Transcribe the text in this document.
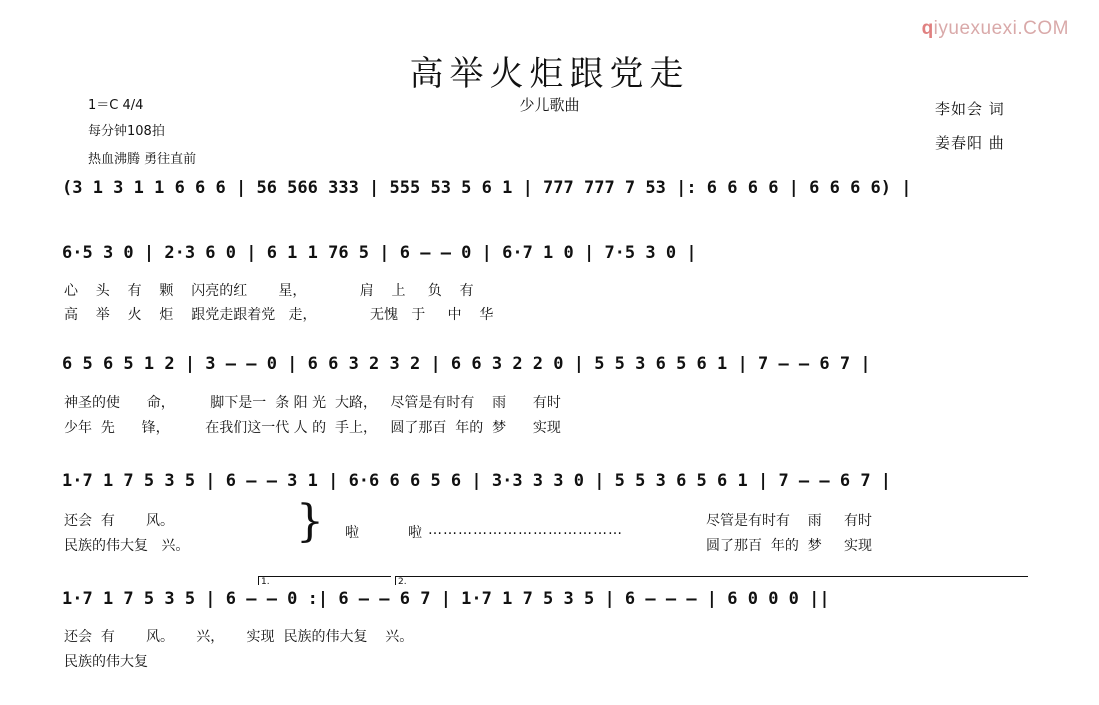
qiyuexuexi.COM
高举火炬跟党走
少儿歌曲
1＝C 4/4
每分钟108拍
热血沸腾 勇往直前
李如会 词
姜春阳 曲
(3 1 3 1 1 6 6 6 | 56 566 333 | 555 53 5 6 1 | 777 777 7 53 |: 6 6 6 6 | 6 6 6 6) |
6·5 3 0 | 2·3 6 0 | 6 1 1 76 5 | 6 – – 0 | 6·7 1 0 | 7·5 3 0 |
心    头    有    颗    闪亮的红       星，            肩    上     负    有
高    举    火    炬    跟党走跟着党   走，            无愧   于     中    华
6 5 6 5 1 2 | 3 – – 0 | 6 6 3 2 3 2 | 6 6 3 2 2 0 | 5 5 3 6 5 6 1 | 7 – – 6 7 |
神圣的使      命，        脚下是一  条 阳 光  大路，   尽管是有时有    雨      有时
少年  先      锋，        在我们这一代 人 的  手上，   圆了那百  年的  梦      实现
1·7 1 7 5 3 5 | 6 – – 3 1 | 6·6 6 6 5 6 | 3·3 3 3 0 | 5 5 3 6 5 6 1 | 7 – – 6 7 |
还会  有       风。
民族的伟大复   兴。	} 啦	啦 …………………………………
尽管是有时有    雨     有时
圆了那百  年的  梦     实现
1.	2.
1·7 1 7 5 3 5 | 6 – – 0 :| 6 – – 6 7 | 1·7 1 7 5 3 5 | 6 – – – | 6 0 0 0 ||
还会  有       风。     兴，     实现  民族的伟大复    兴。
民族的伟大复
